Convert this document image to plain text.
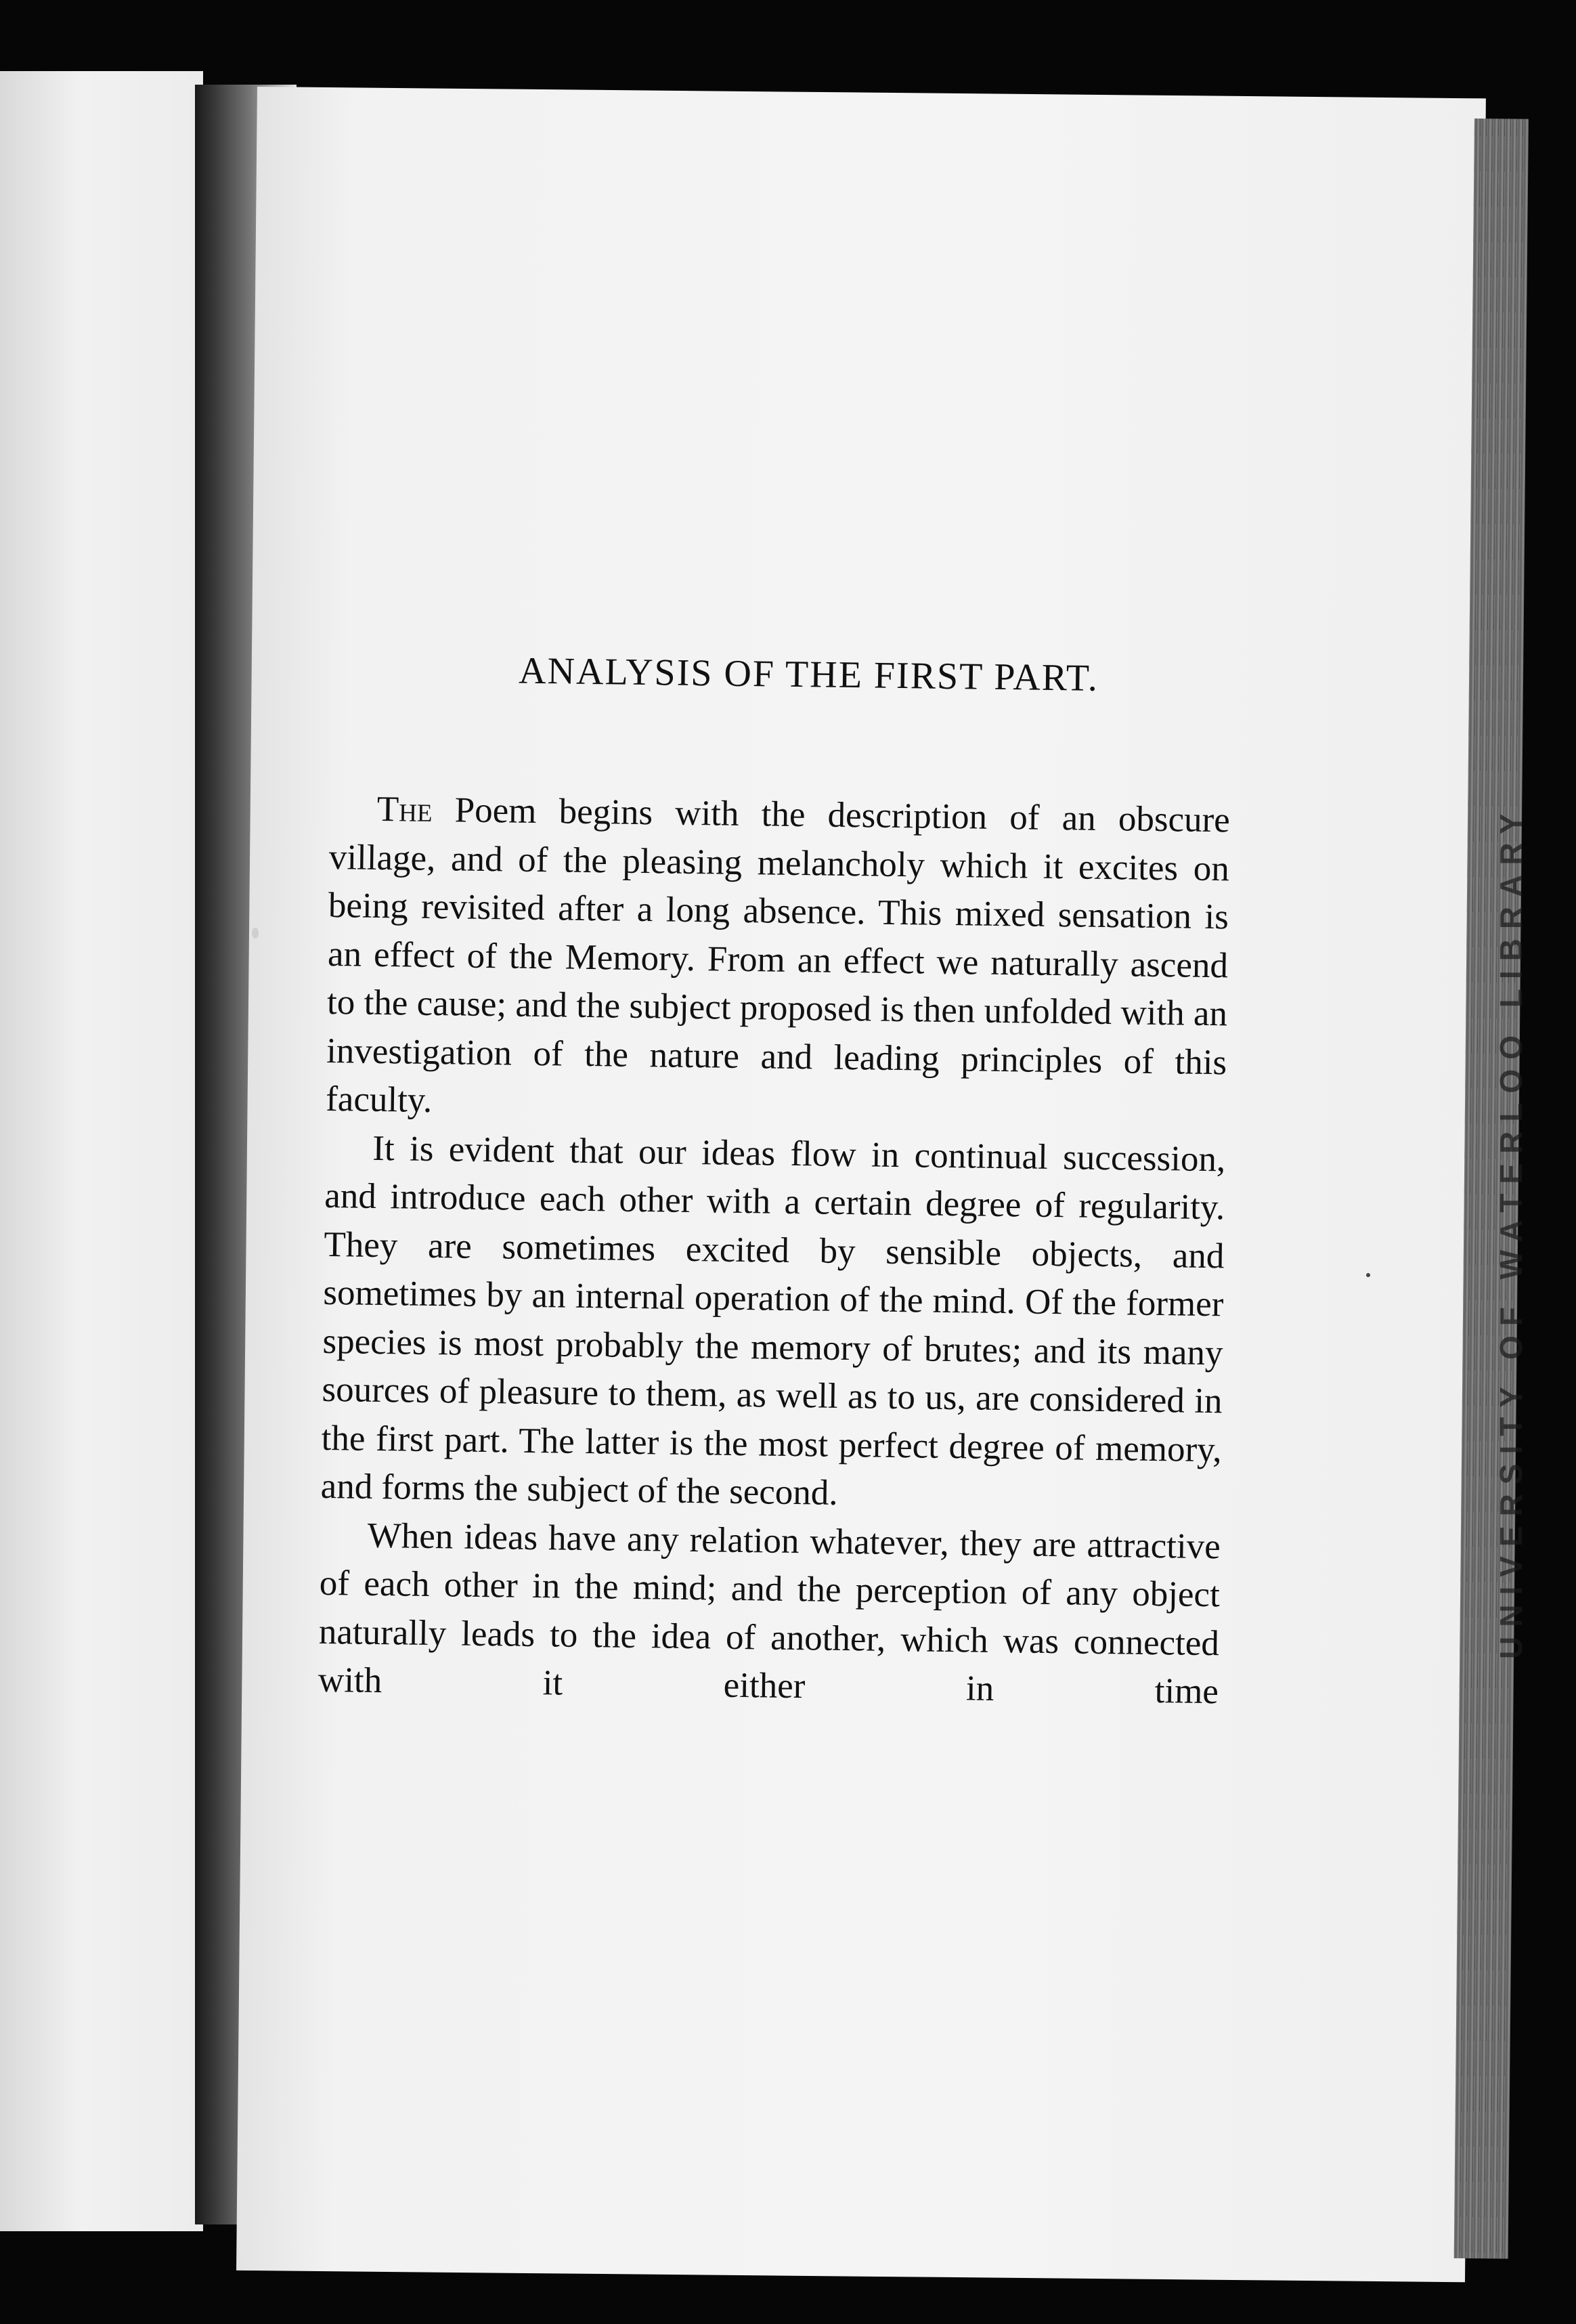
UNIVERSITY OF WATERLOO LIBRARY
ANALYSIS OF THE FIRST PART.

The Poem begins with the description of an obscure village, and of the pleasing melancholy which it excites on being revisited after a long absence. This mixed sensation is an effect of the Memory. From an effect we naturally ascend to the cause; and the subject proposed is then unfolded with an investigation of the nature and leading principles of this faculty.

It is evident that our ideas flow in continual succession, and introduce each other with a certain degree of regularity. They are sometimes excited by sensible objects, and sometimes by an internal operation of the mind. Of the former species is most probably the memory of brutes; and its many sources of pleasure to them, as well as to us, are considered in the first part. The latter is the most perfect degree of memory, and forms the subject of the second.

When ideas have any relation whatever, they are attractive of each other in the mind; and the perception of any object naturally leads to the idea of another, which was connected with it either in time
